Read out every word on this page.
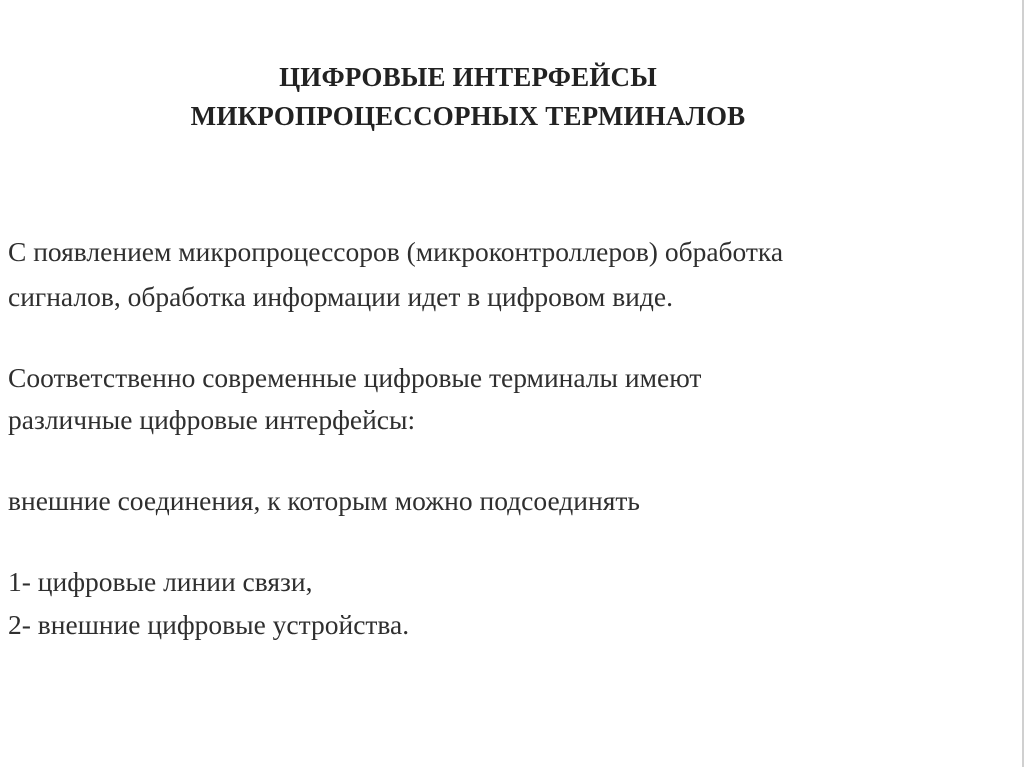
ЦИФРОВЫЕ ИНТЕРФЕЙСЫ
МИКРОПРОЦЕССОРНЫХ ТЕРМИНАЛОВ

С появлением микропроцессоров (микроконтроллеров) обработка

сигналов, обработка информации идет в цифровом виде.

Соответственно современные цифровые терминалы имеют

различные цифровые интерфейсы:

внешние соединения, к которым можно подсоединять

1- цифровые линии связи,

2- внешние цифровые устройства.
